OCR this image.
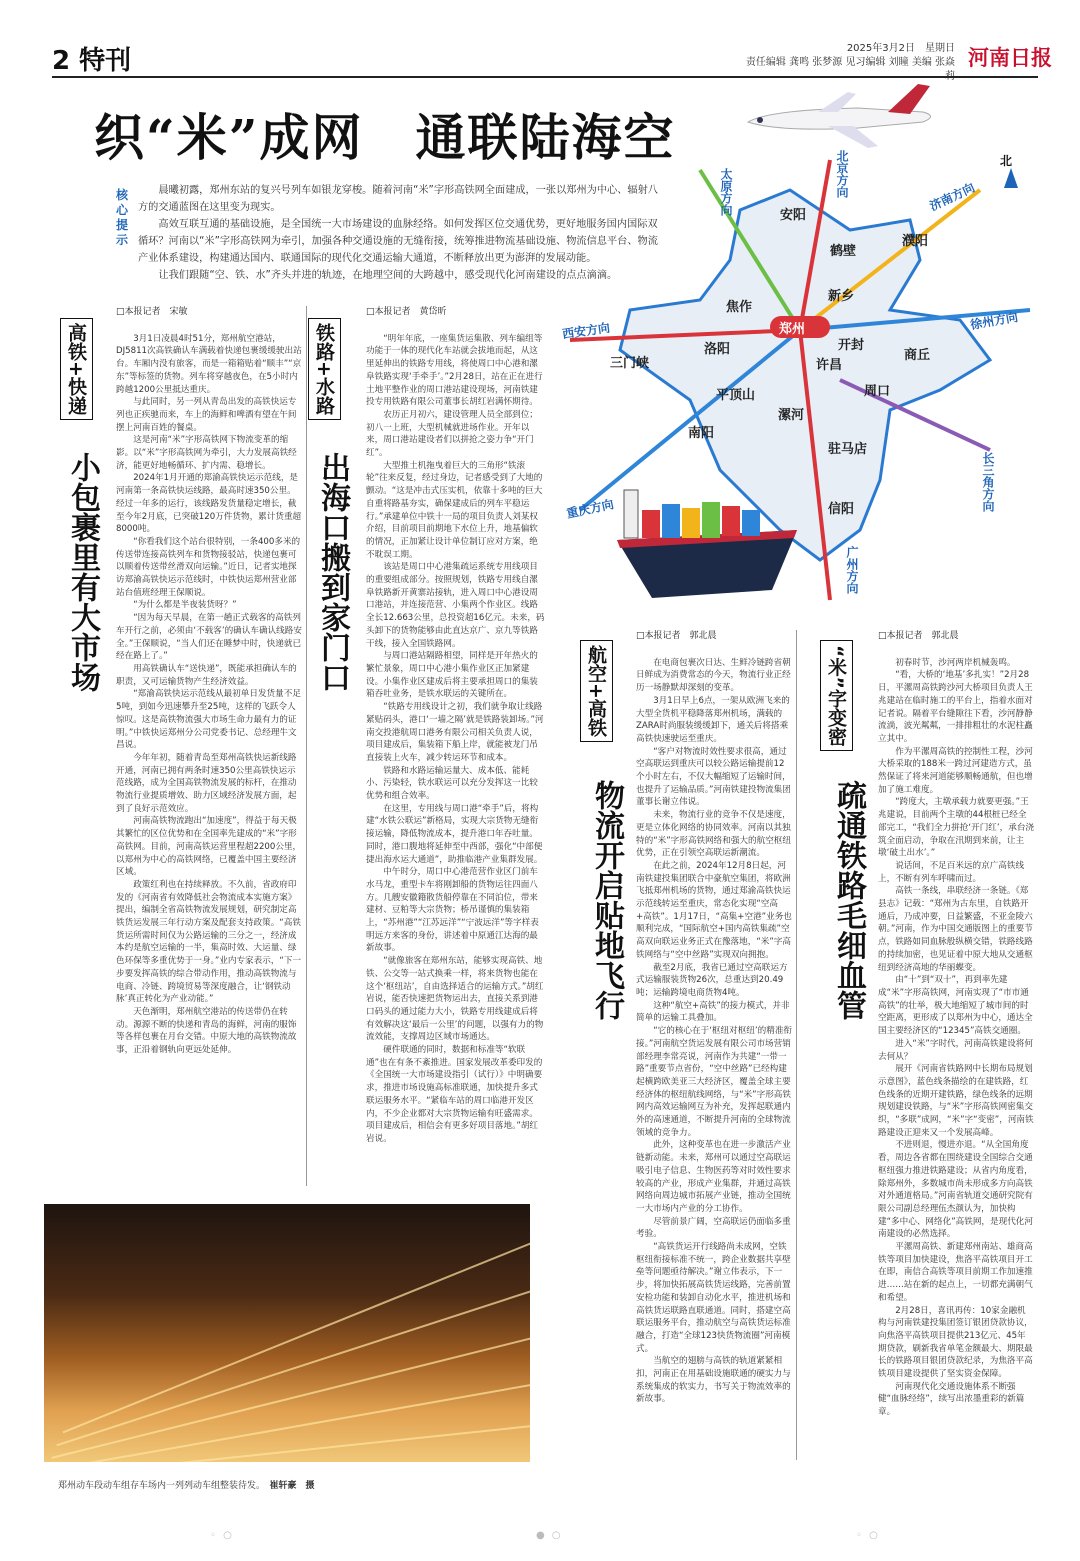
2 特刊	2025年3月2日　星期日
责任编辑 龚鸣 张梦源 见习编辑 刘瞳 美编 张焱 河南日报
织“米”成网　通联陆海空	北
安阳
鹤壁
濮阳
新乡
焦作
郑州
开封
商丘
洛阳
三门峡	许昌
周口
平顶山
漯河
南阳
驻马店
信阳
太原方向	北京方向	济南方向
徐州方向
西安方向
重庆方向	长三角方向
广州方向
核心提示

晨曦初露，郑州东站的复兴号列车如银龙穿梭。随着河南“米”字形高铁网全面建成，一张以郑州为中心、辐射八方的交通蓝图在这里变为现实。

高效互联互通的基础设施，是全国统一大市场建设的血脉经络。如何发挥区位交通优势，更好地服务国内国际双循环？河南以“米”字形高铁网为牵引，加强各种交通设施的无缝衔接，统筹推进物流基础设施、物流信息平台、物流产业体系建设，构建通达国内、联通国际的现代化交通运输大通道，不断释放出更为澎湃的发展动能。

让我们跟随“空、铁、水”齐头并进的轨迹，在地理空间的大跨越中，感受现代化河南建设的点点滴滴。

高铁+快递
小包裹里有大市场

□本报记者　宋敏

3月1日凌晨4时51分，郑州航空港站，DJ5811次高铁确认车满载着快递包裹缓缓驶出站台。车厢内没有旅客，而是一箱箱贴着“顺丰”“京东”等标签的货物。列车将穿越夜色，在5小时内跨越1200公里抵达重庆。

与此同时，另一列从青岛出发的高铁快运专列也正疾驰而来，车上的海鲜和啤酒有望在午间摆上河南百姓的餐桌。

这是河南“米”字形高铁网下物流变革的缩影。以“米”字形高铁网为牵引，大力发展高铁经济，能更好地畅循环、扩内需、稳增长。

2024年1月开通的郑渝高铁快运示范线，是河南第一条高铁快运线路，最高时速350公里。经过一年多的运行，该线路发货量稳定增长，截至今年2月底，已突破120万件货物，累计货重超8000吨。

“你看我们这个站台很特别，一条400多米的传送带连接高铁列车和货物接驳站，快递包裹可以顺着传送带丝滑双向运输。”近日，记者实地探访郑渝高铁快运示范线时，中铁快运郑州营业部站台值班经理王保顺说。

“为什么都是半夜装货呀？”

“因为每天早晨，在第一趟正式载客的高铁列车开行之前，必须由‘不载客’的确认车确认线路安全。”王保顺说，“当人们还在睡梦中时，快递就已经在路上了。”

用高铁确认车“送快递”，既能承担确认车的职责，又可运输货物产生经济效益。

“郑渝高铁快运示范线从最初单日发货量不足5吨，到如今迅速攀升至25吨，这样的飞跃令人惊叹。这是高铁物流强大市场生命力最有力的证明。”中铁快运郑州分公司党委书记、总经理牛文昌说。

今年年初，随着青岛至郑州高铁快运新线路开通，河南已拥有两条时速350公里高铁快运示范线路，成为全国高铁物流发展的标杆，在推动物流行业提质增效、助力区域经济发展方面，起到了良好示范效应。

河南高铁物流跑出“加速度”，得益于每天极其繁忙的区位优势和在全国率先建成的“米”字形高铁网。目前，河南高铁运营里程超2200公里，以郑州为中心的高铁网络，已覆盖中国主要经济区域。

政策红利也在持续释放。不久前，省政府印发的《河南省有效降低社会物流成本实施方案》提出，编制全省高铁物流发展规划，研究制定高铁货运发展三年行动方案及配套支持政策。“高铁货运所需时间仅为公路运输的三分之一，经济成本约是航空运输的一半，集高时效、大运量、绿色环保等多重优势于一身。”业内专家表示，“下一步要发挥高铁的综合带动作用，推动高铁物流与电商、冷链、跨境贸易等深度融合，让‘钢铁动脉’真正转化为产业动能。”

天色渐明，郑州航空港站的传送带仍在转动。源源不断的快递和青岛的海鲜，河南的服饰等各样包裹在月台交错。中原大地的高铁物流故事，正沿着钢轨向更远处延伸。

铁路+水路
出海口搬到家门口

□本报记者　黄岱昕

“明年年底，一座集货运集散、列车编组等功能于一体的现代化车站就会拔地而起，从这里延伸出的铁路专用线，将使周口中心港和漯阜铁路实现‘手牵手’。”2月28日，站在正在进行土地平整作业的周口港站建设现场，河南铁建投专用铁路有限公司董事长胡红岩满怀期待。

农历正月初六，建设管理人员全部到位；初八一上班，大型机械就进场作业。开年以来，周口港站建设者们以拼抢之姿力争“开门红”。

大型推土机拖曳着巨大的三角形“铁滚轮”往来反复，经过身边，记者感受到了大地的颤动。“这是冲击式压实机，依靠十多吨的巨大自重将路基夯实，确保建成后的列车平稳运行。”承建单位中铁十一局的项目负责人刘某权介绍，目前项目前期地下水位上升，地基偏软的情况，正加紧让设计单位制订应对方案，绝不耽误工期。

该站是周口中心港集疏运系统专用线项目的重要组成部分。按照规划，铁路专用线自漯阜铁路新开黄寨站接轨，进入周口中心港设周口港站，并连接范营、小集两个作业区。线路全长12.663公里，总投资超16亿元。未来，码头卸下的货物能够由此直达京广、京九等铁路干线，接入全国铁路网。

与周口港站隔路相望，同样是开年热火的繁忙景象，周口中心港小集作业区正加紧建设。小集作业区建成后将主要承担周口的集装箱吞吐业务，是铁水联运的关键所在。

“铁路专用线设计之初，我们就争取让线路紧贴码头，港口‘一墙之隔’就是铁路装卸场。”河南交投港航周口港务有限公司相关负责人说，项目建成后，集装箱下船上岸，就能被龙门吊直接装上火车，减少转运环节和成本。

铁路和水路运输运量大、成本低、能耗小、污染轻，铁水联运可以充分发挥这一比较优势和组合效率。

在这里，专用线与周口港“牵手”后，将构建“水铁公联运”新格局，实现大宗货物无缝衔接运输，降低物流成本，提升港口年吞吐量。同时，港口腹地将延伸至中西部，强化“中部便捷出海水运大通道”，助推临港产业集群发展。

中午时分，周口中心港范营作业区门前车水马龙，重型卡车将刚卸船的货物运往四面八方。几艘安徽籍散货船停靠在不同泊位，带来建材、豆粕等大宗货物；桥吊谨慎的集装箱上，“苏州港”“江苏远洋”“宁波远洋”等字样表明远方来客的身份，讲述着中原通江达海的最新故事。

“就像旅客在郑州东站，能够实现高铁、地铁、公交等一站式换乘一样，将来货物也能在这个‘枢纽站’，自由选择适合的运输方式。”胡红岩说，能否快速把货物运出去，直接关系到港口码头的通过能力大小，铁路专用线建成后将有效解决这‘最后一公里’的问题，以强有力的物流效能，支撑周边区域市场通达。

硬件联通的同时，数据和标准等“软联通”也在有条不紊推进。国家发展改革委印发的《全国统一大市场建设指引（试行）》中明确要求，推进市场设施高标准联通，加快提升多式联运服务水平。“紧临车站的周口临港开发区内，不少企业都对大宗货物运输有旺盛需求。项目建成后，相信会有更多好项目落地。”胡红岩说。

航空+高铁
物流开启贴地飞行

□本报记者　郭北晨

在电商包裹次日达、生鲜冷链跨省朝日鲜成为消费常态的今天，物流行业正经历一场静默却深刻的变革。

3月1日早上6点，一架从欧洲飞来的大型全货机平稳降落郑州机场，满载的ZARA时尚服装缓缓卸下，通关后将搭乘高铁快速驶运至重庆。

“客户对物流时效性要求很高，通过空高联运到重庆可以较公路运输提前12个小时左右，不仅大幅缩短了运输时间，也提升了运输品质。”河南铁建投物流集团董事长谢立伟说。

未来，物流行业的竞争不仅是速度，更是立体化网络的协同效率。河南以其独特的“米”字形高铁网络和强大的航空枢纽优势，正在引领空高联运新潮流。

在此之前，2024年12月8日起，河南铁建投集团联合中豪航空集团，将欧洲飞抵郑州机场的货物，通过郑渝高铁快运示范线转运至重庆，常态化实现“空高+高铁”。1月17日，“高集+空港”业务也顺利完成，“国际航空+国内高铁集疏”空高双向联运业务正式在豫落地，“米”字高铁网络与“空中丝路”实现双向拥抱。

截至2月底，我省已通过空高联运方式运输服装货物26次，总重达到20.49吨；运输跨境电商货物4吨。

这种“航空+高铁”的接力模式，并非简单的运输工具叠加。

“它的核心在于‘枢纽对枢纽’的精准衔接。”河南航空货运发展有限公司市场营销部经理李常亮说，河南作为共建“一带一路”重要节点省份，“空中丝路”已经构建起横跨欧美亚三大经济区，覆盖全球主要经济体的枢纽航线网络，与“米”字形高铁网内高效运输网互为补充，发挥起联通内外的高速通道，不断提升河南的全球物流领域的竞争力。

此外，这种变革也在进一步激活产业链新动能。未来，郑州可以通过空高联运吸引电子信息、生物医药等对时效性要求较高的产业，形成产业集群，并通过高铁网络向周边城市拓展产业链，推动全国统一大市场内产业的分工协作。

尽管前景广阔，空高联运仍面临多重考验。

“高铁货运开行线路尚未成网，空铁枢纽衔接标准不统一，跨企业数据共享壁垒等问题亟待解决。”谢立伟表示，下一步，将加快拓展高铁货运线路，完善前置安检功能和装卸自动化水平，推进机场和高铁货运联路直联通道。同时，搭建空高联运服务平台，推动航空与高铁货运标准融合，打造“全球123快货物流圈”河南模式。

当航空的翅膀与高铁的轨道紧紧相扣，河南正在用基础设施联通的硬实力与系统集成的软实力，书写关于物流效率的新故事。

“米”字变密
疏通铁路毛细血管

□本报记者　郭北晨

初春时节，沙河两岸机械轰鸣。

“看，大桥的‘地基’多扎实！”2月28日，平漯周高铁跨沙河大桥项目负责人王兆建站在临时施工的平台上，指着水面对记者说。隔着平台缝隙往下看，沙河静静流淌，波光粼粼，一排排粗壮的水泥柱矗立其中。

作为平漯周高铁的控制性工程，沙河大桥采取的188米一跨过河建造方式，虽然保证了将来河道能够顺畅通航，但也增加了施工难度。

“跨度大，主墩承载力就要更强。”王兆建说，目前两个主墩的44根桩已经全部完工，“我们全力拼抢‘开门红’，承台浇筑全面启动，争取在汛期到来前，让主墩‘破土出水’。”

说话间，不足百米远的京广高铁线上，不断有列车呼啸而过。

高铁一条线，串联经济一条链。《郑县志》记载：“郑州为古东里，自铁路开通后，乃成冲要，日益繁盛，不亚金陵六朝。”河南，作为中国交通版图上的重要节点，铁路如同血脉般纵横交错，铁路线路的持续加密，也见证着中原大地从交通枢纽到经济高地的华丽蝶变。

由“十”到“双十”，再到率先建成“米”字形高铁网，河南实现了“市市通高铁”的壮举，极大地缩短了城市间的时空距离，更形成了以郑州为中心，通达全国主要经济区的“12345”高铁交通圈。

进入“米”字时代，河南高铁建设将何去何从？

展开《河南省铁路网中长期布局规划示意图》，蓝色线条描绘的在建铁路，红色线条的近期开建铁路，绿色线条的远期规划建设铁路，与“米”字形高铁网密集交织，“多联”成网，“米”字“变密”，河南铁路建设正迎来又一个发展高峰。

不进则退，慢进亦退。“从全国角度看，周边各省都在围绕建设全国综合交通枢纽强力推进铁路建设；从省内角度看，除郑州外，多数城市尚未形成多方向高铁对外通道格局。”河南省轨道交通研究院有限公司副总经理伍杰颜认为，加快构建“多中心、网络化”高铁网，是现代化河南建设的必然选择。

平漯周高铁、新建郑州南站、雄商高铁等项目加快建设，焦洛平高铁项目开工在即，南信合高铁等项目前期工作加速推进……站在新的起点上，一切都充满朝气和希望。

2月28日，喜讯再传：10家金融机构与河南铁建投集团签订银团贷款协议，向焦洛平高铁项目提供213亿元、45年期贷款，刷新我省单笔金额最大、期限最长的铁路项目银团贷款纪录，为焦洛平高铁项目建设提供了坚实资金保障。

河南现代化交通设施体系不断强健“血脉经络”，续写出浓墨重彩的新篇章。

郑州动车段动车组存车场内一列列动车组整装待发。　 崔轩豪　摄
◦ ○	● ○	◦ ○
